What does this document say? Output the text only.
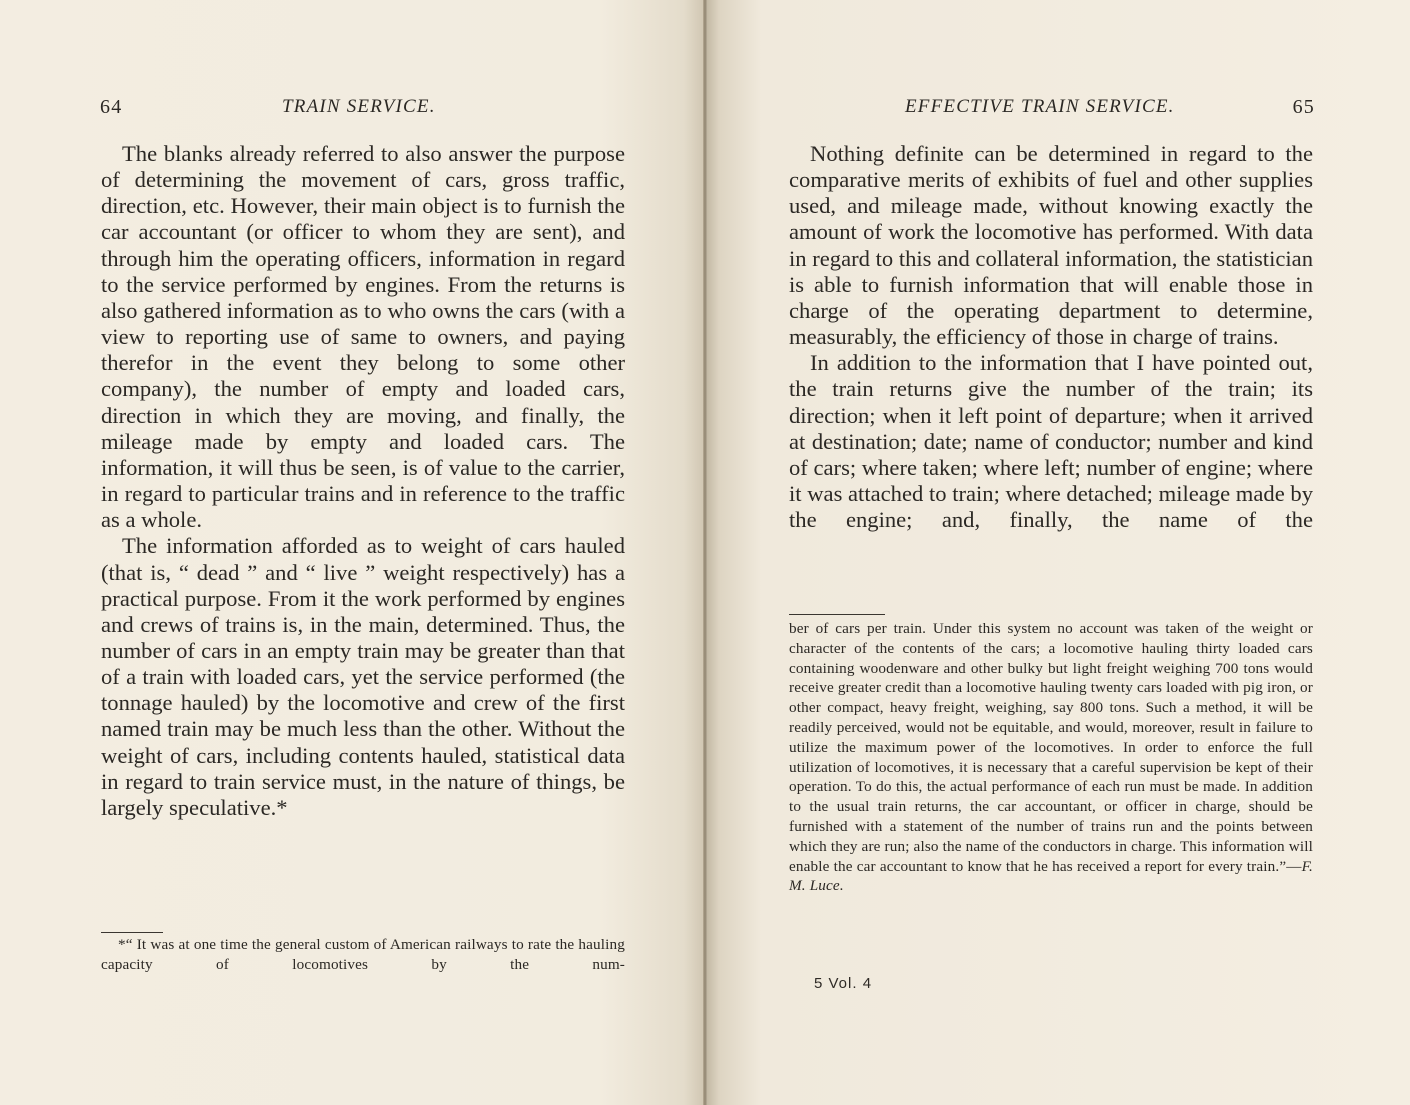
64	TRAIN SERVICE.

The blanks already referred to also answer the purpose of determining the movement of cars, gross traffic, direction, etc. However, their main object is to furnish the car accountant (or officer to whom they are sent), and through him the operating officers, information in regard to the service performed by engines. From the returns is also gathered information as to who owns the cars (with a view to reporting use of same to owners, and paying therefor in the event they belong to some other company), the number of empty and loaded cars, direction in which they are moving, and finally, the mileage made by empty and loaded cars. The information, it will thus be seen, is of value to the carrier, in regard to particular trains and in reference to the traffic as a whole.

The information afforded as to weight of cars hauled (that is, “ dead ” and “ live ” weight respectively) has a practical purpose. From it the work performed by engines and crews of trains is, in the main, determined. Thus, the number of cars in an empty train may be greater than that of a train with loaded cars, yet the service performed (the tonnage hauled) by the locomotive and crew of the first named train may be much less than the other. Without the weight of cars, including contents hauled, statistical data in regard to train service must, in the nature of things, be largely speculative.*

*“ It was at one time the general custom of American railways to rate the hauling capacity of locomotives by the num-
EFFECTIVE TRAIN SERVICE.	65

Nothing definite can be determined in regard to the comparative merits of exhibits of fuel and other supplies used, and mileage made, without knowing exactly the amount of work the locomotive has performed. With data in regard to this and collateral information, the statistician is able to furnish information that will enable those in charge of the operating department to determine, measurably, the efficiency of those in charge of trains.

In addition to the information that I have pointed out, the train returns give the number of the train; its direction; when it left point of departure; when it arrived at destination; date; name of conductor; number and kind of cars; where taken; where left; number of engine; where it was attached to train; where detached; mileage made by the engine; and, finally, the name of the

ber of cars per train. Under this system no account was taken of the weight or character of the contents of the cars; a locomotive hauling thirty loaded cars containing woodenware and other bulky but light freight weighing 700 tons would receive greater credit than a locomotive hauling twenty cars loaded with pig iron, or other compact, heavy freight, weighing, say 800 tons. Such a method, it will be readily perceived, would not be equitable, and would, moreover, result in failure to utilize the maximum power of the locomotives. In order to enforce the full utilization of locomotives, it is necessary that a careful supervision be kept of their operation. To do this, the actual performance of each run must be made. In addition to the usual train returns, the car accountant, or officer in charge, should be furnished with a statement of the number of trains run and the points between which they are run; also the name of the conductors in charge. This information will enable the car accountant to know that he has received a report for every train.”—F. M. Luce.
5 Vol. 4
